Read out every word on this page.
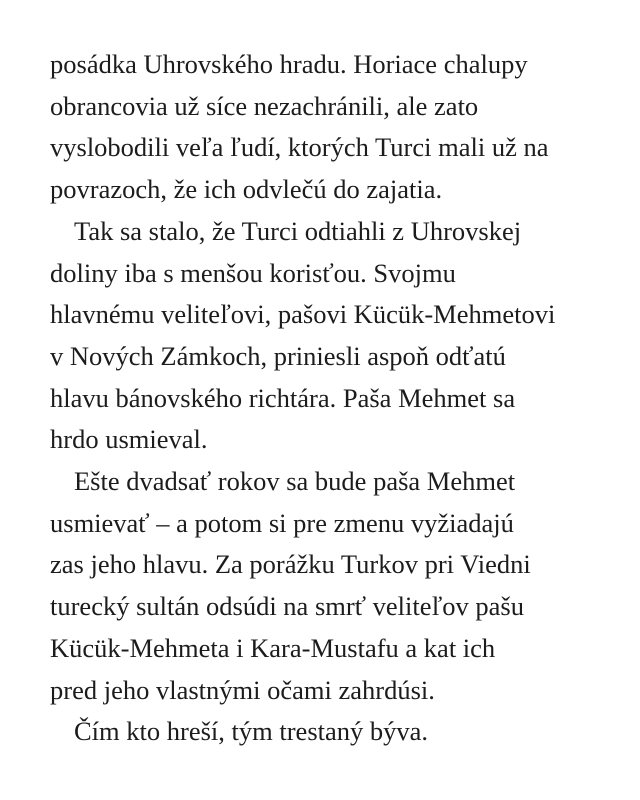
posádka Uhrovského hradu. Horiace chalupy
obrancovia už síce nezachránili, ale zato
vyslobodili veľa ľudí, ktorých Turci mali už na
povrazoch, že ich odvlečú do zajatia.

Tak sa stalo, že Turci odtiahli z Uhrovskej
doliny iba s menšou korisťou. Svojmu
hlavnému veliteľovi, pašovi Kücük-Mehmetovi
v Nových Zámkoch, priniesli aspoň odťatú
hlavu bánovského richtára. Paša Mehmet sa
hrdo usmieval.

Ešte dvadsať rokov sa bude paša Mehmet
usmievať – a potom si pre zmenu vyžiadajú
zas jeho hlavu. Za porážku Turkov pri Viedni
turecký sultán odsúdi na smrť veliteľov pašu
Kücük-Mehmeta i Kara-Mustafu a kat ich
pred jeho vlastnými očami zahrdúsi.

Čím kto hreší, tým trestaný býva.
